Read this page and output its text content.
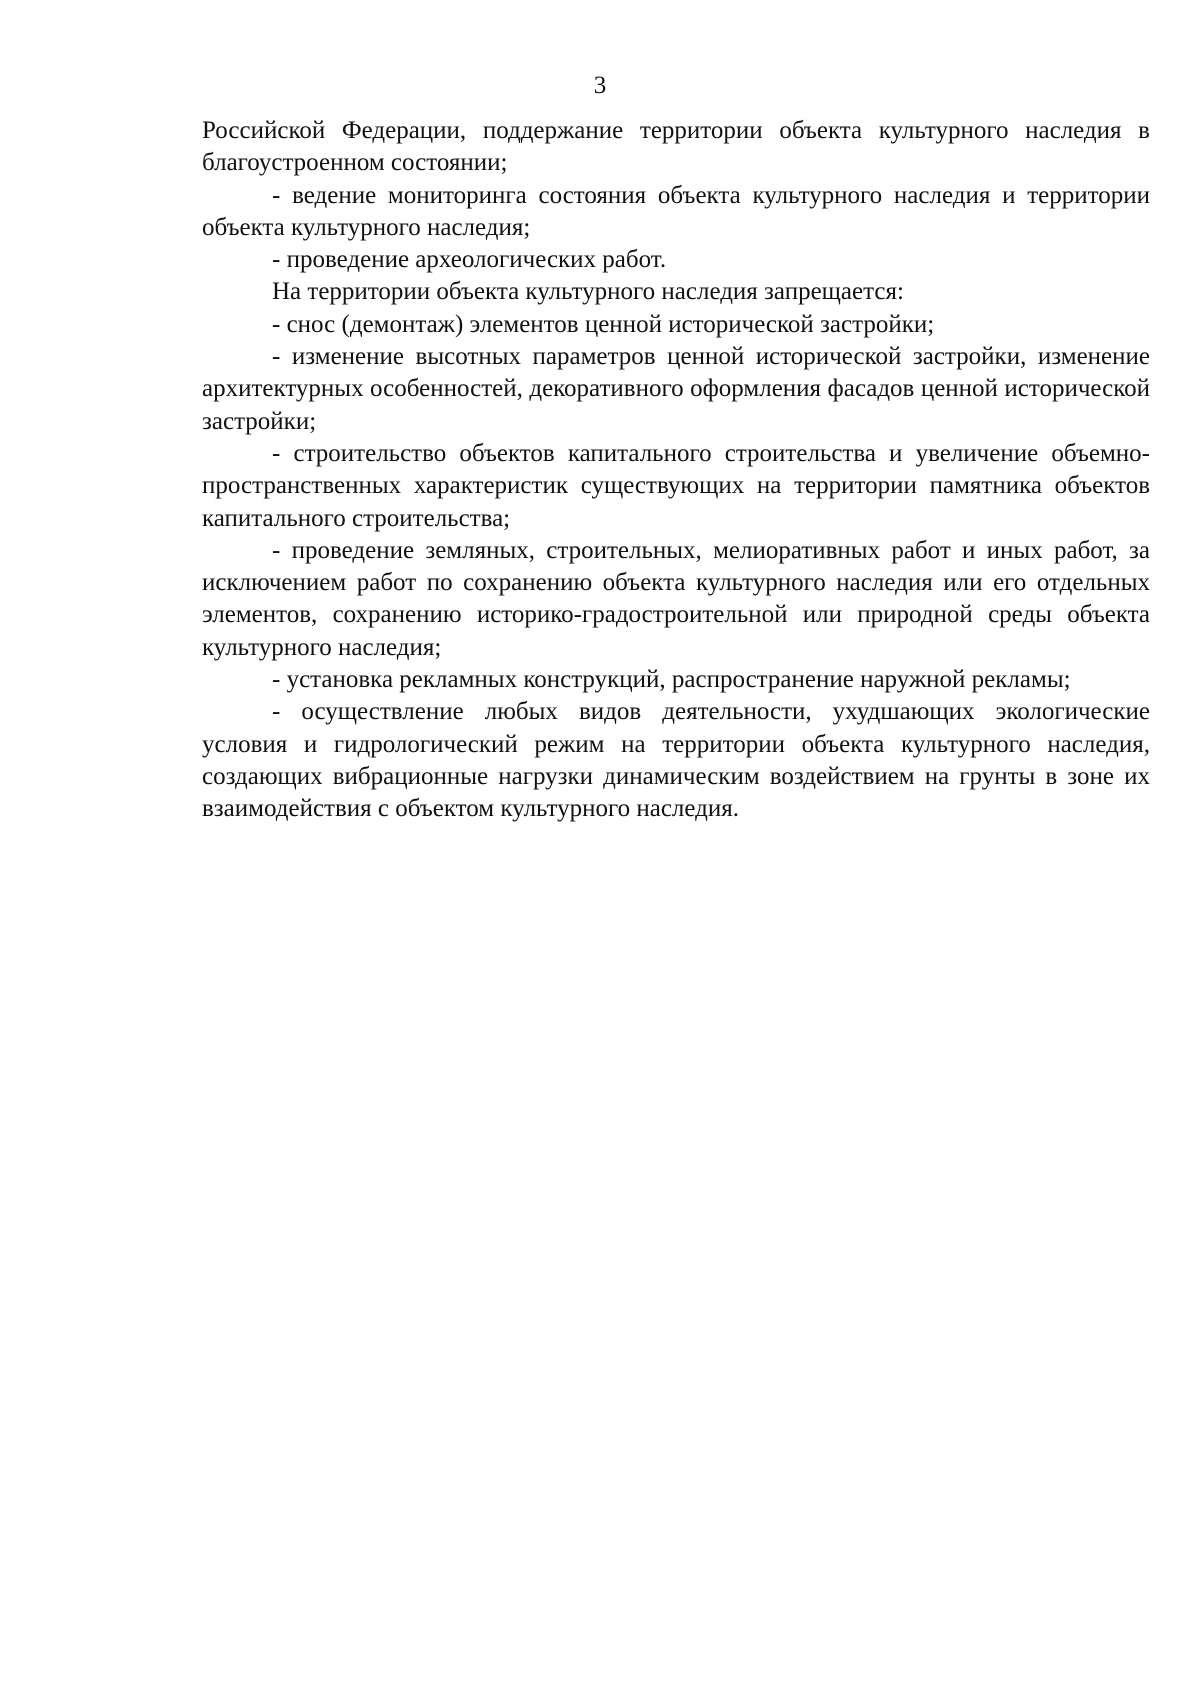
3

Российской Федерации, поддержание территории объекта культурного наследия в благоустроенном состоянии;

- ведение мониторинга состояния объекта культурного наследия и территории объекта культурного наследия;

- проведение археологических работ.

На территории объекта культурного наследия запрещается:

- снос (демонтаж) элементов ценной исторической застройки;

- изменение высотных параметров ценной исторической застройки, изменение архитектурных особенностей, декоративного оформления фасадов ценной исторической застройки;

- строительство объектов капитального строительства и увеличение объемно-пространственных характеристик существующих на территории памятника объектов капитального строительства;

- проведение земляных, строительных, мелиоративных работ и иных работ, за исключением работ по сохранению объекта культурного наследия или его отдельных элементов, сохранению историко-градостроительной или природной среды объекта культурного наследия;

- установка рекламных конструкций, распространение наружной рекламы;

- осуществление любых видов деятельности, ухудшающих экологические условия и гидрологический режим на территории объекта культурного наследия, создающих вибрационные нагрузки динамическим воздействием на грунты в зоне их взаимодействия с объектом культурного наследия.
